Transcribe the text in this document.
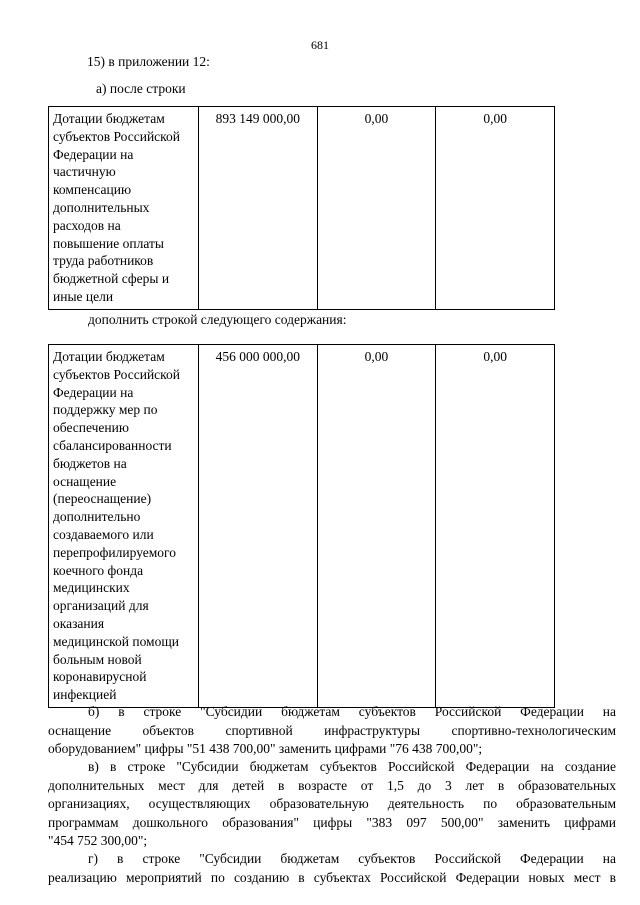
681
15) в приложении 12:
а) после строки
Дотации бюджетам
субъектов Российской
Федерации на
частичную
компенсацию
дополнительных
расходов на
повышение оплаты
труда работников
бюджетной сферы и
иные цели	893 149 000,00	0,00	0,00
дополнить строкой следующего содержания:
Дотации бюджетам
субъектов Российской
Федерации на
поддержку мер по
обеспечению
сбалансированности
бюджетов на
оснащение
(переоснащение)
дополнительно
создаваемого или
перепрофилируемого
коечного фонда
медицинских
организаций для
оказания
медицинской помощи
больным новой
коронавирусной
инфекцией	456 000 000,00	0,00	0,00
б) в строке "Субсидии бюджетам субъектов Российской Федерации на
оснащение объектов спортивной инфраструктуры спортивно-технологическим
оборудованием" цифры "51 438 700,00" заменить цифрами "76 438 700,00";
в) в строке "Субсидии бюджетам субъектов Российской Федерации на создание
дополнительных мест для детей в возрасте от 1,5 до 3 лет в образовательных
организациях, осуществляющих образовательную деятельность по образовательным
программам дошкольного образования" цифры "383 097 500,00" заменить цифрами
"454 752 300,00";
г) в строке "Субсидии бюджетам субъектов Российской Федерации на
реализацию мероприятий по созданию в субъектах Российской Федерации новых мест в
